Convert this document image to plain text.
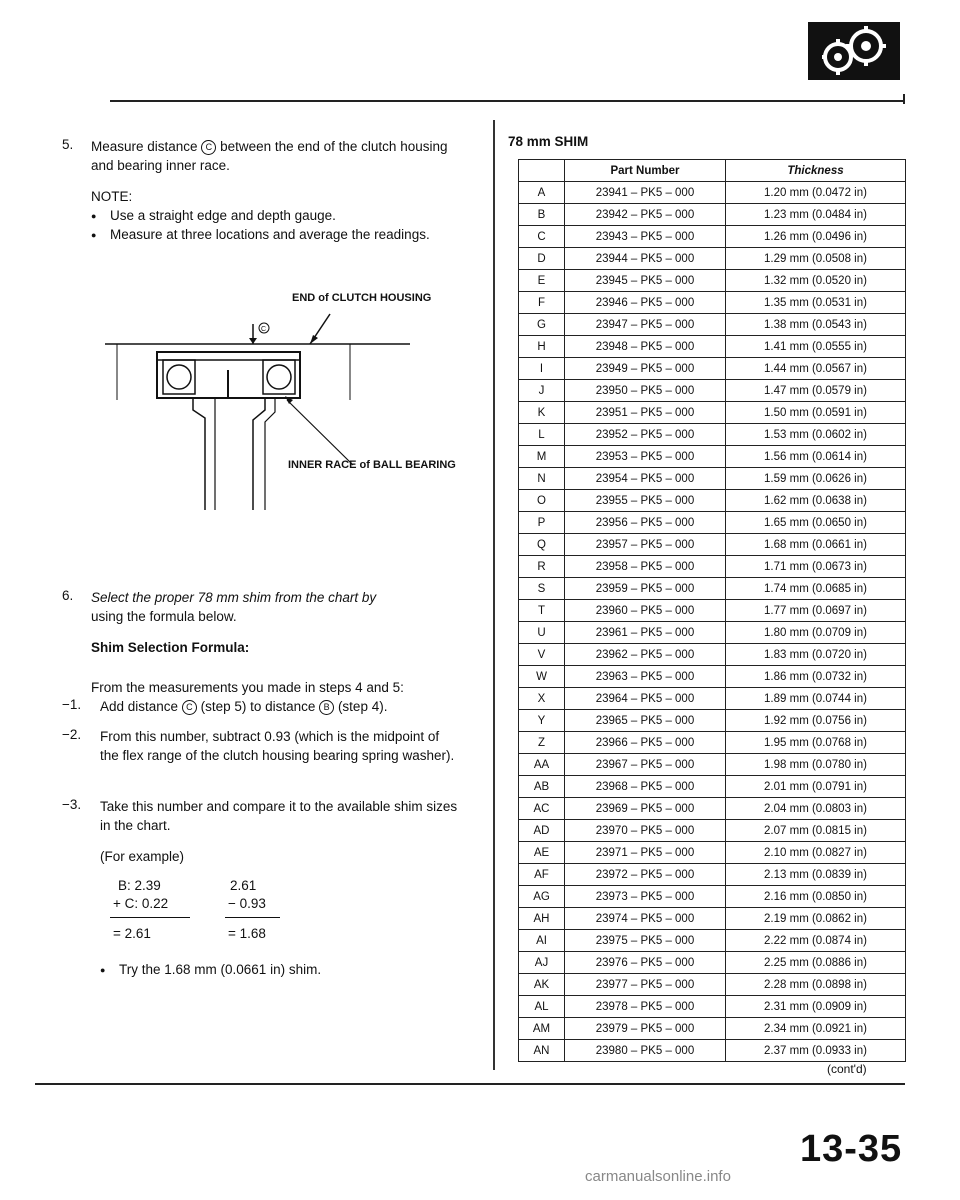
5. Measure distance C between the end of the clutch housing and bearing inner race.
NOTE:
● Use a straight edge and depth gauge.
● Measure at three locations and average the readings.
END of CLUTCH HOUSING
INNER RACE of BALL BEARING
C
6. Select the proper 78 mm shim from the chart by
using the formula below.
Shim Selection Formula:
From the measurements you made in steps 4 and 5:
−1. Add distance C (step 5) to distance B (step 4).
−2. From this number, subtract 0.93 (which is the midpoint of the flex range of the clutch housing bearing spring washer).
−3. Take this number and compare it to the available shim sizes in the chart.
(For example)
B: 2.39
+ C: 0.22
= 2.61
2.61
− 0.93
= 1.68
● Try the 1.68 mm (0.0661 in) shim.
78 mm SHIM
	Part Number	Thickness
A	23941 – PK5 – 000	1.20 mm (0.0472 in)
B	23942 – PK5 – 000	1.23 mm (0.0484 in)
C	23943 – PK5 – 000	1.26 mm (0.0496 in)
D	23944 – PK5 – 000	1.29 mm (0.0508 in)
E	23945 – PK5 – 000	1.32 mm (0.0520 in)
F	23946 – PK5 – 000	1.35 mm (0.0531 in)
G	23947 – PK5 – 000	1.38 mm (0.0543 in)
H	23948 – PK5 – 000	1.41 mm (0.0555 in)
I	23949 – PK5 – 000	1.44 mm (0.0567 in)
J	23950 – PK5 – 000	1.47 mm (0.0579 in)
K	23951 – PK5 – 000	1.50 mm (0.0591 in)
L	23952 – PK5 – 000	1.53 mm (0.0602 in)
M	23953 – PK5 – 000	1.56 mm (0.0614 in)
N	23954 – PK5 – 000	1.59 mm (0.0626 in)
O	23955 – PK5 – 000	1.62 mm (0.0638 in)
P	23956 – PK5 – 000	1.65 mm (0.0650 in)
Q	23957 – PK5 – 000	1.68 mm (0.0661 in)
R	23958 – PK5 – 000	1.71 mm (0.0673 in)
S	23959 – PK5 – 000	1.74 mm (0.0685 in)
T	23960 – PK5 – 000	1.77 mm (0.0697 in)
U	23961 – PK5 – 000	1.80 mm (0.0709 in)
V	23962 – PK5 – 000	1.83 mm (0.0720 in)
W	23963 – PK5 – 000	1.86 mm (0.0732 in)
X	23964 – PK5 – 000	1.89 mm (0.0744 in)
Y	23965 – PK5 – 000	1.92 mm (0.0756 in)
Z	23966 – PK5 – 000	1.95 mm (0.0768 in)
AA	23967 – PK5 – 000	1.98 mm (0.0780 in)
AB	23968 – PK5 – 000	2.01 mm (0.0791 in)
AC	23969 – PK5 – 000	2.04 mm (0.0803 in)
AD	23970 – PK5 – 000	2.07 mm (0.0815 in)
AE	23971 – PK5 – 000	2.10 mm (0.0827 in)
AF	23972 – PK5 – 000	2.13 mm (0.0839 in)
AG	23973 – PK5 – 000	2.16 mm (0.0850 in)
AH	23974 – PK5 – 000	2.19 mm (0.0862 in)
AI	23975 – PK5 – 000	2.22 mm (0.0874 in)
AJ	23976 – PK5 – 000	2.25 mm (0.0886 in)
AK	23977 – PK5 – 000	2.28 mm (0.0898 in)
AL	23978 – PK5 – 000	2.31 mm (0.0909 in)
AM	23979 – PK5 – 000	2.34 mm (0.0921 in)
AN	23980 – PK5 – 000	2.37 mm (0.0933 in)
(cont'd)
13-35
carmanualsonline.info
